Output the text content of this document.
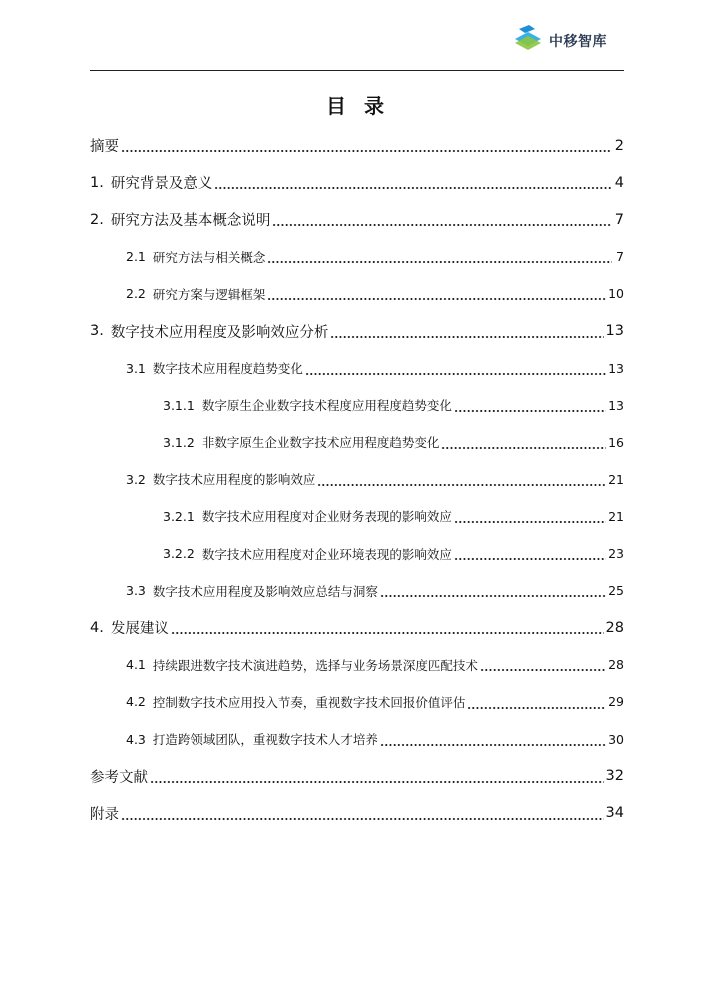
中移智库
目录
摘要	2
1. 研究背景及意义	4
2. 研究方法及基本概念说明	7
2.1 研究方法与相关概念	7
2.2 研究方案与逻辑框架	10
3. 数字技术应用程度及影响效应分析	13
3.1 数字技术应用程度趋势变化	13
3.1.1 数字原生企业数字技术程度应用程度趋势变化	13
3.1.2 非数字原生企业数字技术应用程度趋势变化	16
3.2 数字技术应用程度的影响效应	21
3.2.1 数字技术应用程度对企业财务表现的影响效应	21
3.2.2 数字技术应用程度对企业环境表现的影响效应	23
3.3 数字技术应用程度及影响效应总结与洞察	25
4. 发展建议	28
4.1 持续跟进数字技术演进趋势，选择与业务场景深度匹配技术	28
4.2 控制数字技术应用投入节奏，重视数字技术回报价值评估	29
4.3 打造跨领域团队，重视数字技术人才培养	30
参考文献	32
附录	34
